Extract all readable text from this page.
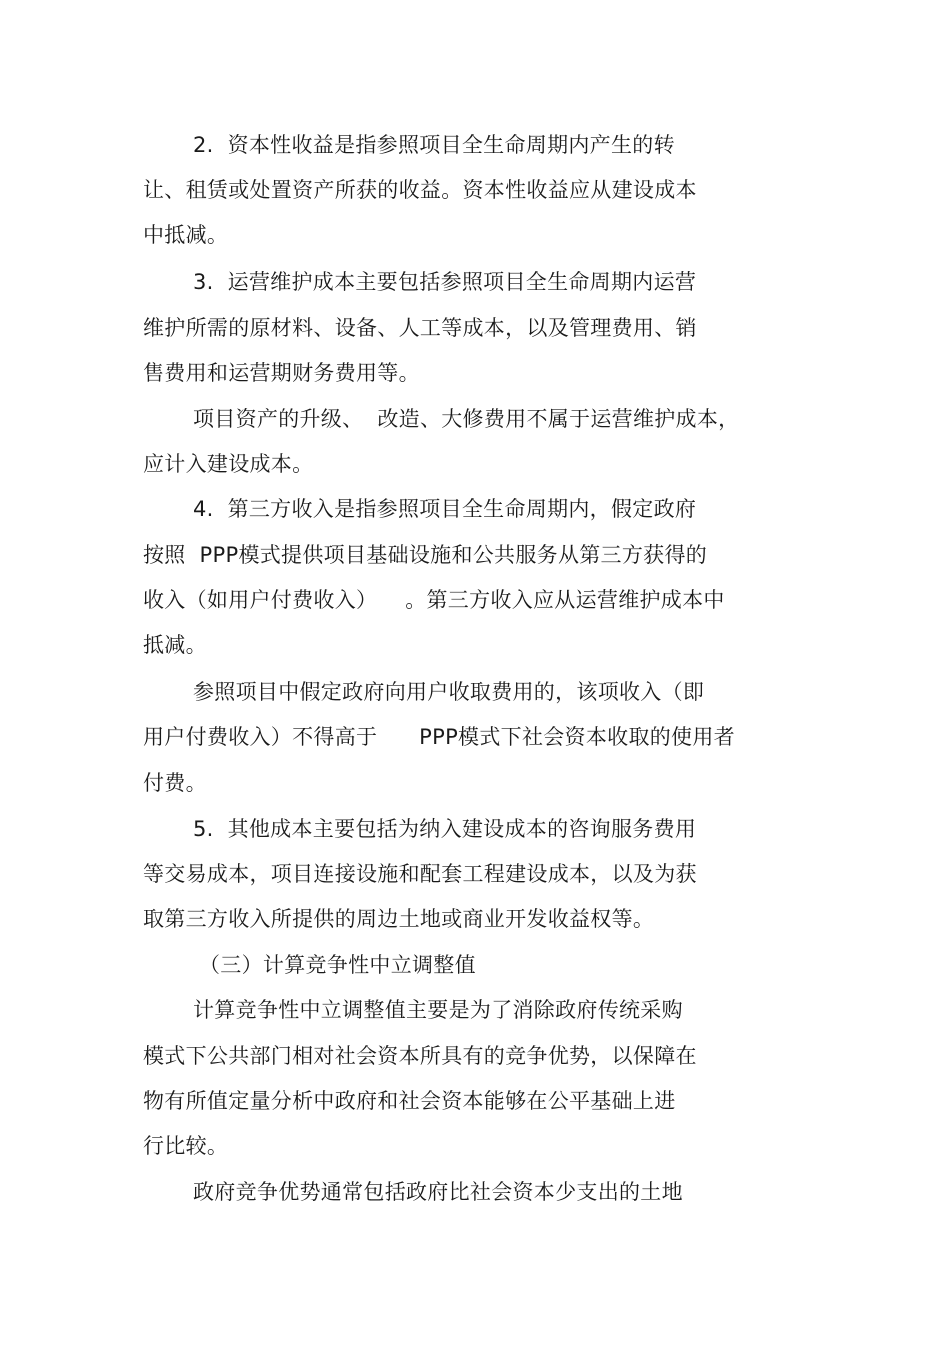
2.  资本性收益是指参照项目全生命周期内产生的转
让、租赁或处置资产所获的收益。资本性收益应从建设成本
中抵减。
3.  运营维护成本主要包括参照项目全生命周期内运营
维护所需的原材料、设备、人工等成本，以及管理费用、销
售费用和运营期财务费用等。
项目资产的升级、  改造、大修费用不属于运营维护成本，
应计入建设成本。
4.  第三方收入是指参照项目全生命周期内，假定政府
按照  PPP模式提供项目基础设施和公共服务从第三方获得的
收入（如用户付费收入）    。第三方收入应从运营维护成本中
抵减。
参照项目中假定政府向用户收取费用的，该项收入（即
用户付费收入）不得高于      PPP模式下社会资本收取的使用者
付费。
5.  其他成本主要包括为纳入建设成本的咨询服务费用
等交易成本，项目连接设施和配套工程建设成本，以及为获
取第三方收入所提供的周边土地或商业开发收益权等。
（三）计算竞争性中立调整值
计算竞争性中立调整值主要是为了消除政府传统采购
模式下公共部门相对社会资本所具有的竞争优势，以保障在
物有所值定量分析中政府和社会资本能够在公平基础上进
行比较。
政府竞争优势通常包括政府比社会资本少支出的土地
